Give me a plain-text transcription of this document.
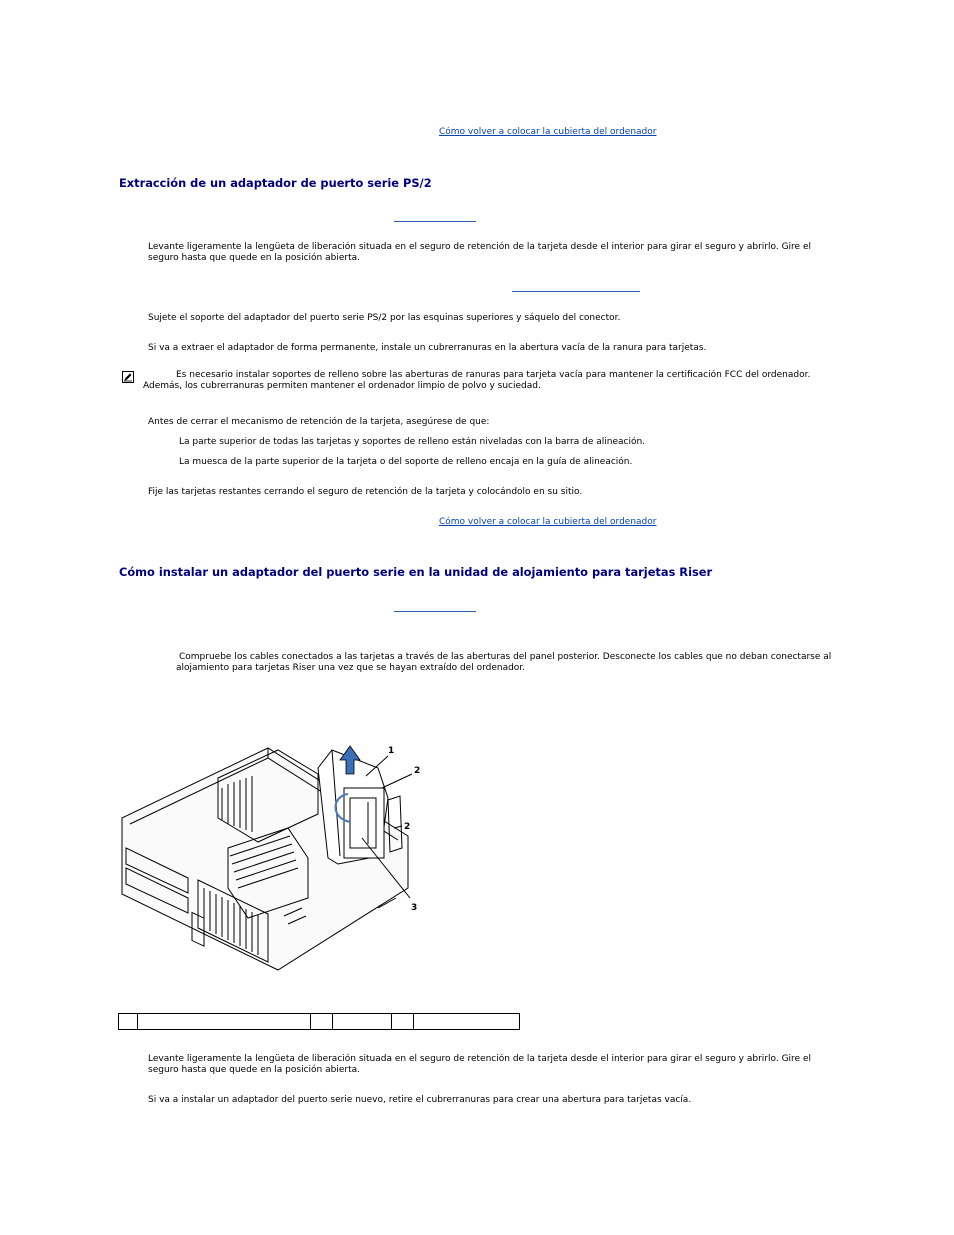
Cómo volver a colocar la cubierta del ordenador
Extracción de un adaptador de puerto serie PS/2
Levante ligeramente la lengüeta de liberación situada en el seguro de retención de la tarjeta desde el interior para girar el seguro y abrirlo. Gire el seguro hasta que quede en la posición abierta.
Sujete el soporte del adaptador del puerto serie PS/2 por las esquinas superiores y sáquelo del conector.
Si va a extraer el adaptador de forma permanente, instale un cubrerranuras en la abertura vacía de la ranura para tarjetas.
Es necesario instalar soportes de relleno sobre las aberturas de ranuras para tarjeta vacía para mantener la certificación FCC del ordenador. Además, los cubrerranuras permiten mantener el ordenador limpio de polvo y suciedad.
Antes de cerrar el mecanismo de retención de la tarjeta, asegúrese de que:
La parte superior de todas las tarjetas y soportes de relleno están niveladas con la barra de alineación.
La muesca de la parte superior de la tarjeta o del soporte de relleno encaja en la guía de alineación.
Fije las tarjetas restantes cerrando el seguro de retención de la tarjeta y colocándolo en su sitio.
Cómo volver a colocar la cubierta del ordenador
Cómo instalar un adaptador del puerto serie en la unidad de alojamiento para tarjetas Riser
Compruebe los cables conectados a las tarjetas a través de las aberturas del panel posterior. Desconecte los cables que no deban conectarse al alojamiento para tarjetas Riser una vez que se hayan extraído del ordenador.
1
2
2
3

Levante ligeramente la lengüeta de liberación situada en el seguro de retención de la tarjeta desde el interior para girar el seguro y abrirlo. Gire el seguro hasta que quede en la posición abierta.
Si va a instalar un adaptador del puerto serie nuevo, retire el cubrerranuras para crear una abertura para tarjetas vacía.
